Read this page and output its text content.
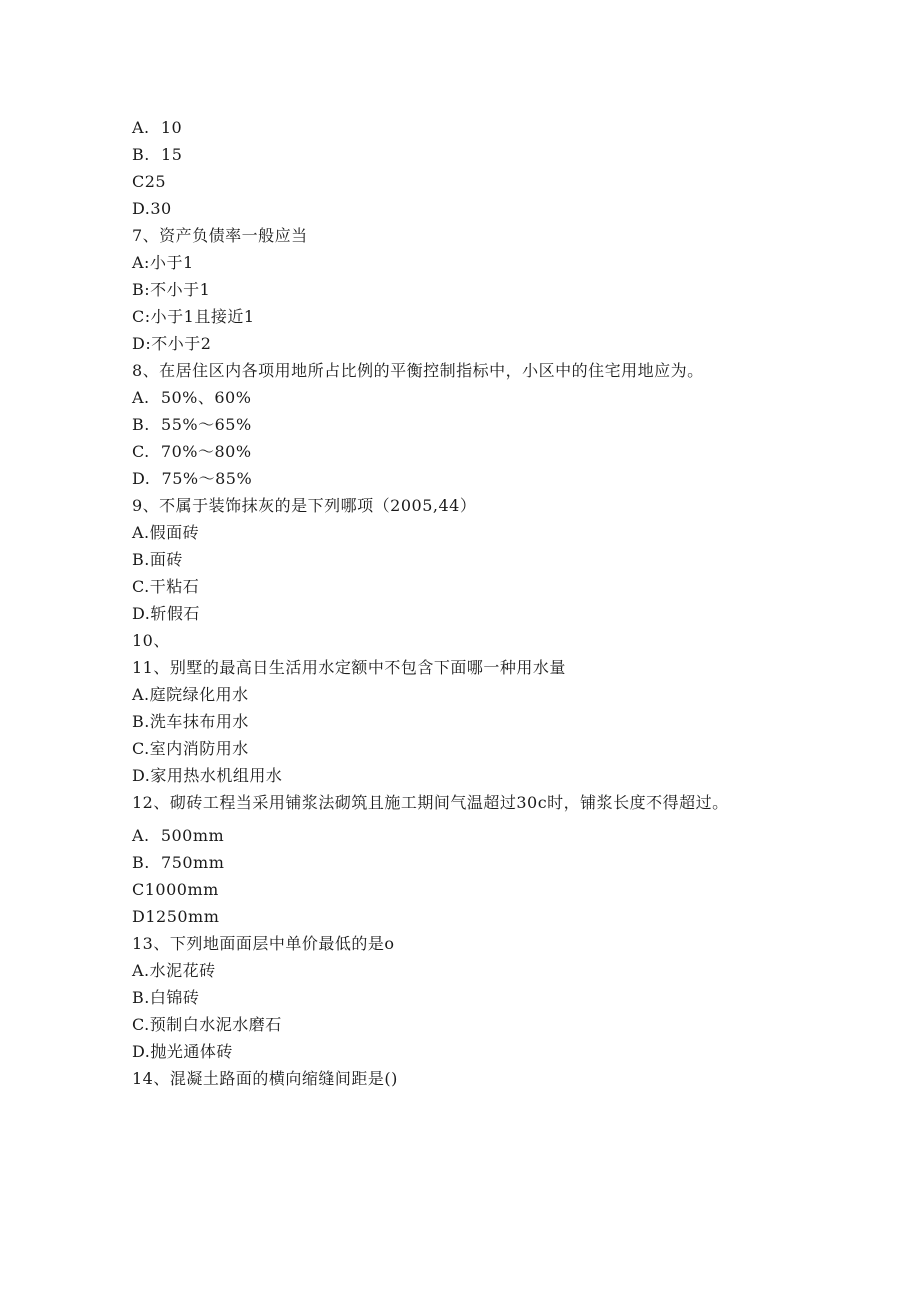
A.  10
B.  15
C25
D.30
7、资产负债率一般应当
A:小于1
B:不小于1
C:小于1且接近1
D:不小于2
8、在居住区内各项用地所占比例的平衡控制指标中，小区中的住宅用地应为。
A.  50%、60%
B.  55%～65%
C.  70%～80%
D.  75%～85%
9、不属于装饰抹灰的是下列哪项（2005,44）
A.假面砖
B.面砖
C.干粘石
D.斩假石
10、
11、别墅的最高日生活用水定额中不包含下面哪一种用水量
A.庭院绿化用水
B.洗车抹布用水
C.室内消防用水
D.家用热水机组用水
12、砌砖工程当采用铺浆法砌筑且施工期间气温超过30c时，铺浆长度不得超过。
A.  500mm
B.  750mm
C1000mm
D1250mm
13、下列地面面层中单价最低的是o
A.水泥花砖
B.白锦砖
C.预制白水泥水磨石
D.抛光通体砖
14、混凝土路面的横向缩缝间距是()
